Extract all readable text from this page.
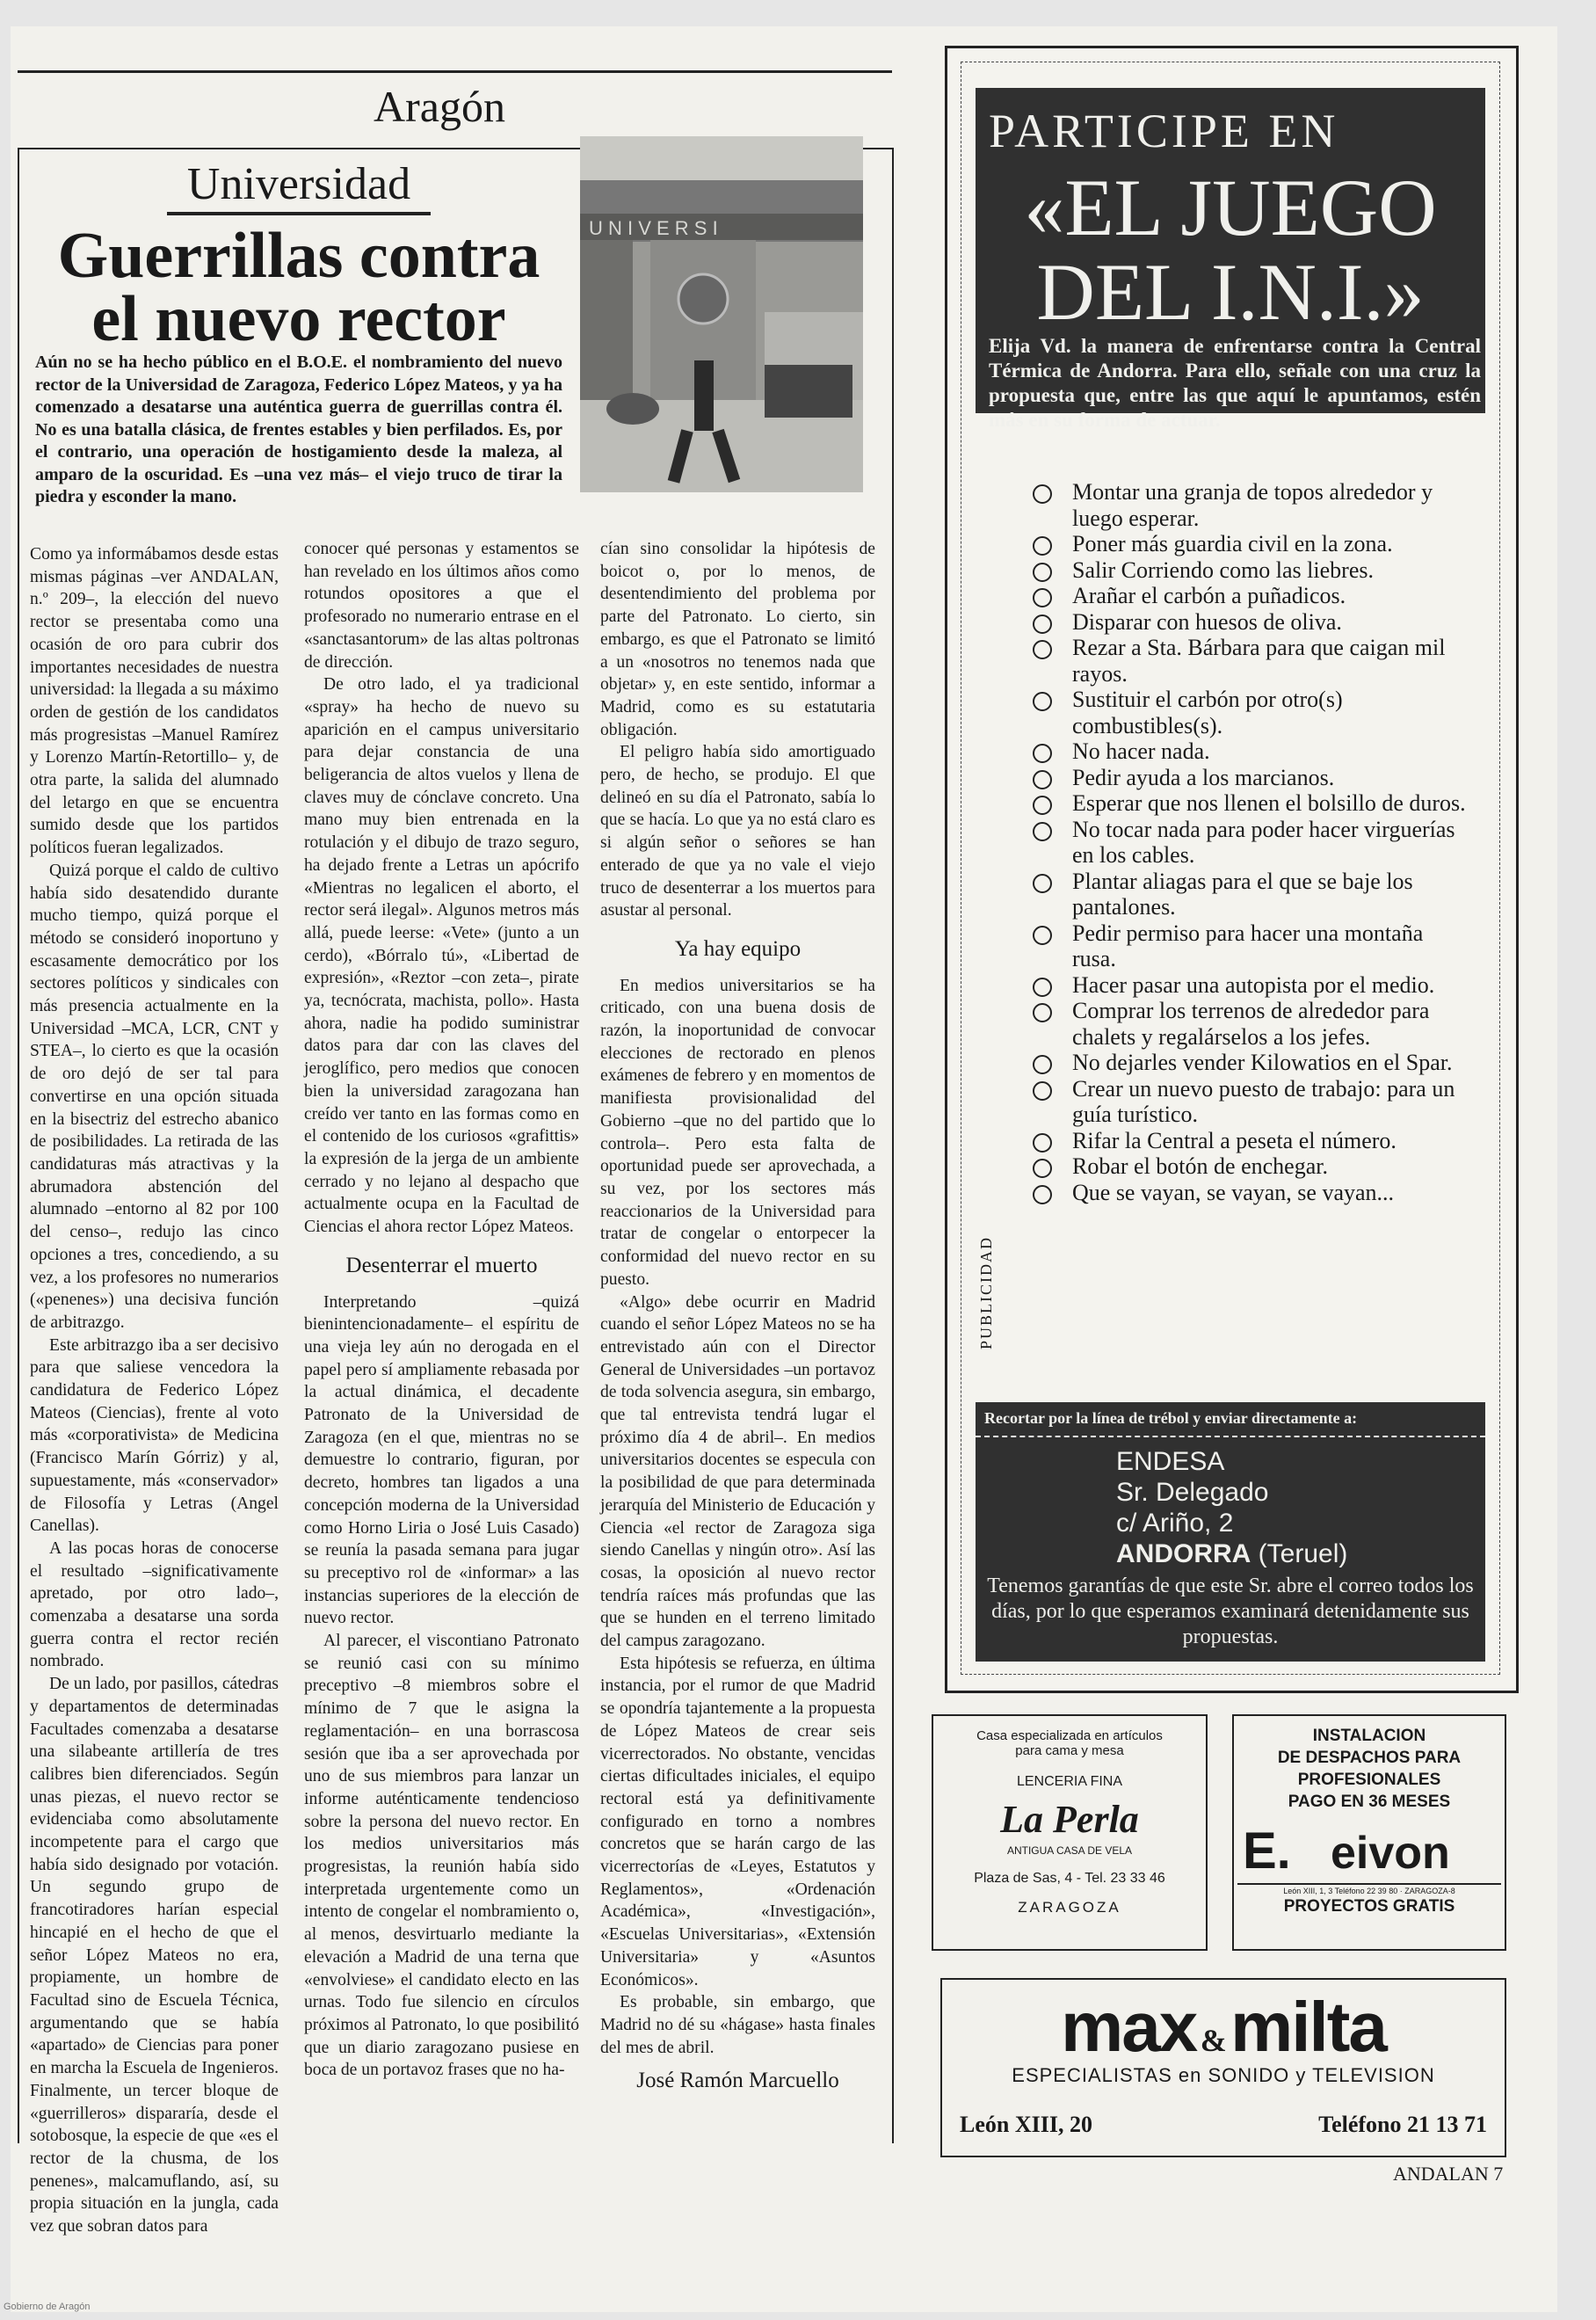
Aragón
Universidad
Guerrillas contra
el nuevo rector
Aún no se ha hecho público en el B.O.E. el nombramiento del nuevo rector de la Universidad de Zaragoza, Federico López Mateos, y ya ha comenzado a desatarse una auténtica guerra de guerrillas contra él. No es una batalla clásica, de frentes estables y bien perfilados. Es, por el contrario, una operación de hostigamiento desde la maleza, al amparo de la oscuridad. Es –una vez más– el viejo truco de tirar la piedra y esconder la mano.
U N I V E R S I

Como ya informábamos desde estas mismas páginas –ver ANDALAN, n.º 209–, la elección del nuevo rector se presentaba como una ocasión de oro para cubrir dos importantes necesidades de nuestra universidad: la llegada a su máximo orden de gestión de los candidatos más progresistas –Manuel Ramírez y Lorenzo Martín-Retortillo– y, de otra parte, la salida del alumnado del letargo en que se encuentra sumido desde que los partidos políticos fueran legalizados.

Quizá porque el caldo de cultivo había sido desatendido durante mucho tiempo, quizá porque el método se consideró inoportuno y escasamente democrático por los sectores políticos y sindicales con más presencia actualmente en la Universidad –MCA, LCR, CNT y STEA–, lo cierto es que la ocasión de oro dejó de ser tal para convertirse en una opción situada en la bisectriz del estrecho abanico de posibilidades. La retirada de las candidaturas más atractivas y la abrumadora abstención del alumnado –entorno al 82 por 100 del censo–, redujo las cinco opciones a tres, concediendo, a su vez, a los profesores no numerarios («penenes») una decisiva función de arbitrazgo.

Este arbitrazgo iba a ser decisivo para que saliese vencedora la candidatura de Federico López Mateos (Ciencias), frente al voto más «corporativista» de Medicina (Francisco Marín Górriz) y al, supuestamente, más «conservador» de Filosofía y Letras (Angel Canellas).

A las pocas horas de conocerse el resultado –significativamente apretado, por otro lado–, comenzaba a desatarse una sorda guerra contra el rector recién nombrado.

De un lado, por pasillos, cátedras y departamentos de determinadas Facultades comenzaba a desatarse una silabeante artillería de tres calibres bien diferenciados. Según unas piezas, el nuevo rector se evidenciaba como absolutamente incompetente para el cargo que había sido designado por votación. Un segundo grupo de francotiradores harían especial hincapié en el hecho de que el señor López Mateos no era, propiamente, un hombre de Facultad sino de Escuela Técnica, argumentando que se había «apartado» de Ciencias para poner en marcha la Escuela de Ingenieros. Finalmente, un tercer bloque de «guerrilleros» dispararía, desde el sotobosque, la especie de que «es el rector de la chusma, de los penenes», malcamuflando, así, su propia situación en la jungla, cada vez que sobran datos para

conocer qué personas y estamentos se han revelado en los últimos años como rotundos opositores a que el profesorado no numerario entrase en el «sanctasantorum» de las altas poltronas de dirección.

De otro lado, el ya tradicional «spray» ha hecho de nuevo su aparición en el campus universitario para dejar constancia de una beligerancia de altos vuelos y llena de claves muy de cónclave concreto. Una mano muy bien entrenada en la rotulación y el dibujo de trazo seguro, ha dejado frente a Letras un apócrifo «Mientras no legalicen el aborto, el rector será ilegal». Algunos metros más allá, puede leerse: «Vete» (junto a un cerdo), «Bórralo tú», «Libertad de expresión», «Reztor –con zeta–, pirate ya, tecnócrata, machista, pollo». Hasta ahora, nadie ha podido suministrar datos para dar con las claves del jeroglífico, pero medios que conocen bien la universidad zaragozana han creído ver tanto en las formas como en el contenido de los curiosos «grafittis» la expresión de la jerga de un ambiente cerrado y no lejano al despacho que actualmente ocupa en la Facultad de Ciencias el ahora rector López Mateos.

Desenterrar el muerto

Interpretando –quizá bienintencionadamente– el espíritu de una vieja ley aún no derogada en el papel pero sí ampliamente rebasada por la actual dinámica, el decadente Patronato de la Universidad de Zaragoza (en el que, mientras no se demuestre lo contrario, figuran, por decreto, hombres tan ligados a una concepción moderna de la Universidad como Horno Liria o José Luis Casado) se reunía la pasada semana para jugar su preceptivo rol de «informar» a las instancias superiores de la elección de nuevo rector.

Al parecer, el viscontiano Patronato se reunió casi con su mínimo preceptivo –8 miembros sobre el mínimo de 7 que le asigna la reglamentación– en una borrascosa sesión que iba a ser aprovechada por uno de sus miembros para lanzar un informe auténticamente tendencioso sobre la persona del nuevo rector. En los medios universitarios más progresistas, la reunión había sido interpretada urgentemente como un intento de congelar el nombramiento o, al menos, desvirtuarlo mediante la elevación a Madrid de una terna que «envolviese» el candidato electo en las urnas. Todo fue silencio en círculos próximos al Patronato, lo que posibilitó que un diario zaragozano pusiese en boca de un portavoz frases que no ha-

cían sino consolidar la hipótesis de boicot o, por lo menos, de desentendimiento del problema por parte del Patronato. Lo cierto, sin embargo, es que el Patronato se limitó a un «nosotros no tenemos nada que objetar» y, en este sentido, informar a Madrid, como es su estatutaria obligación.

El peligro había sido amortiguado pero, de hecho, se produjo. El que delineó en su día el Patronato, sabía lo que se hacía. Lo que ya no está claro es si algún señor o señores se han enterado de que ya no vale el viejo truco de desenterrar a los muertos para asustar al personal.

Ya hay equipo

En medios universitarios se ha criticado, con una buena dosis de razón, la inoportunidad de convocar elecciones de rectorado en plenos exámenes de febrero y en momentos de manifiesta provisionalidad del Gobierno –que no del partido que lo controla–. Pero esta falta de oportunidad puede ser aprovechada, a su vez, por los sectores más reaccionarios de la Universidad para tratar de congelar o entorpecer la conformidad del nuevo rector en su puesto.

«Algo» debe ocurrir en Madrid cuando el señor López Mateos no se ha entrevistado aún con el Director General de Universidades –un portavoz de toda solvencia asegura, sin embargo, que tal entrevista tendrá lugar el próximo día 4 de abril–. En medios universitarios docentes se especula con la posibilidad de que para determinada jerarquía del Ministerio de Educación y Ciencia «el rector de Zaragoza siga siendo Canellas y ningún otro». Así las cosas, la oposición al nuevo rector tendría raíces más profundas que las que se hunden en el terreno limitado del campus zaragozano.

Esta hipótesis se refuerza, en última instancia, por el rumor de que Madrid se opondría tajantemente a la propuesta de López Mateos de crear seis vicerrectorados. No obstante, vencidas ciertas dificultades iniciales, el equipo rectoral está ya definitivamente configurado en torno a nombres concretos que se harán cargo de las vicerrectorías de «Leyes, Estatutos y Reglamentos», «Ordenación Académica», «Investigación», «Escuelas Universitarias», «Extensión Universitaria» y «Asuntos Económicos».

Es probable, sin embargo, que Madrid no dé su «hágase» hasta finales del mes de abril.

José Ramón Marcuello
PARTICIPE EN
«EL JUEGO
DEL I.N.I.»
Elija Vd. la manera de enfrentarse contra la Central Térmica de Andorra. Para ello, señale con una cruz la propuesta que, entre las que aquí le apuntamos, estén más en su forma de actuar.

Montar una granja de topos alrededor y luego esperar.

Poner más guardia civil en la zona.

Salir Corriendo como las liebres.

Arañar el carbón a puñadicos.

Disparar con huesos de oliva.

Rezar a Sta. Bárbara para que caigan mil rayos.

Sustituir el carbón por otro(s) combustibles(s).

No hacer nada.

Pedir ayuda a los marcianos.

Esperar que nos llenen el bolsillo de duros.

No tocar nada para poder hacer virguerías en los cables.

Plantar aliagas para el que se baje los pantalones.

Pedir permiso para hacer una montaña rusa.

Hacer pasar una autopista por el medio.

Comprar los terrenos de alrededor para chalets y regalárselos a los jefes.

No dejarles vender Kilowatios en el Spar.

Crear un nuevo puesto de trabajo: para un guía turístico.

Rifar la Central a peseta el número.

Robar el botón de enchegar.

Que se vayan, se vayan, se vayan...

PUBLICIDAD
Recortar por la línea de trébol y enviar directamente a:
ENDESA
Sr. Delegado
c/ Ariño, 2
ANDORRA (Teruel)
Tenemos garantías de que este Sr. abre el correo todos los días, por lo que esperamos examinará detenidamente sus propuestas.
Casa especializada en artículos
para cama y mesa
LENCERIA FINA
La Perla
ANTIGUA CASA DE VELA
Plaza de Sas, 4 - Tel. 23 33 46
ZARAGOZA
INSTALACION
DE DESPACHOS PARA
PROFESIONALES
PAGO EN 36 MESES
E. eivon
León XIII, 1, 3 Teléfono 22 39 80 · ZARAGOZA-8
PROYECTOS GRATIS
max & milta
ESPECIALISTAS en SONIDO y TELEVISION
León XIII, 20	Teléfono 21 13 71
ANDALAN 7
Gobierno de Aragón
